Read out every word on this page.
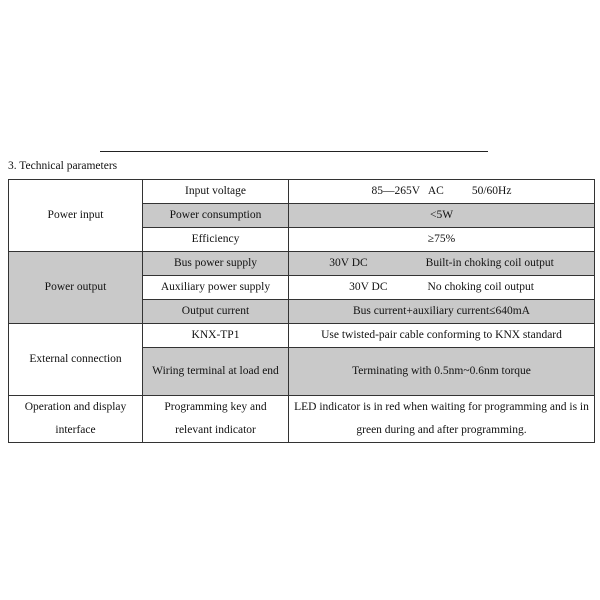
3. Technical parameters
Power input	Input voltage	85—265V   AC 50/60Hz

	Power consumption	<5W
	Efficiency	≥75%
Power output	Bus power supply	30V DC Built-in choking coil output

	Auxiliary power supply	30V DC No choking coil output

	Output current	Bus current+auxiliary current≤640mA
External connection	KNX-TP1	Use twisted-pair cable conforming to KNX standard
	Wiring terminal at load end	Terminating with 0.5nm~0.6nm torque
Operation and display interface	Programming key and relevant indicator	LED indicator is in red when waiting for programming and is in green during and after programming.
